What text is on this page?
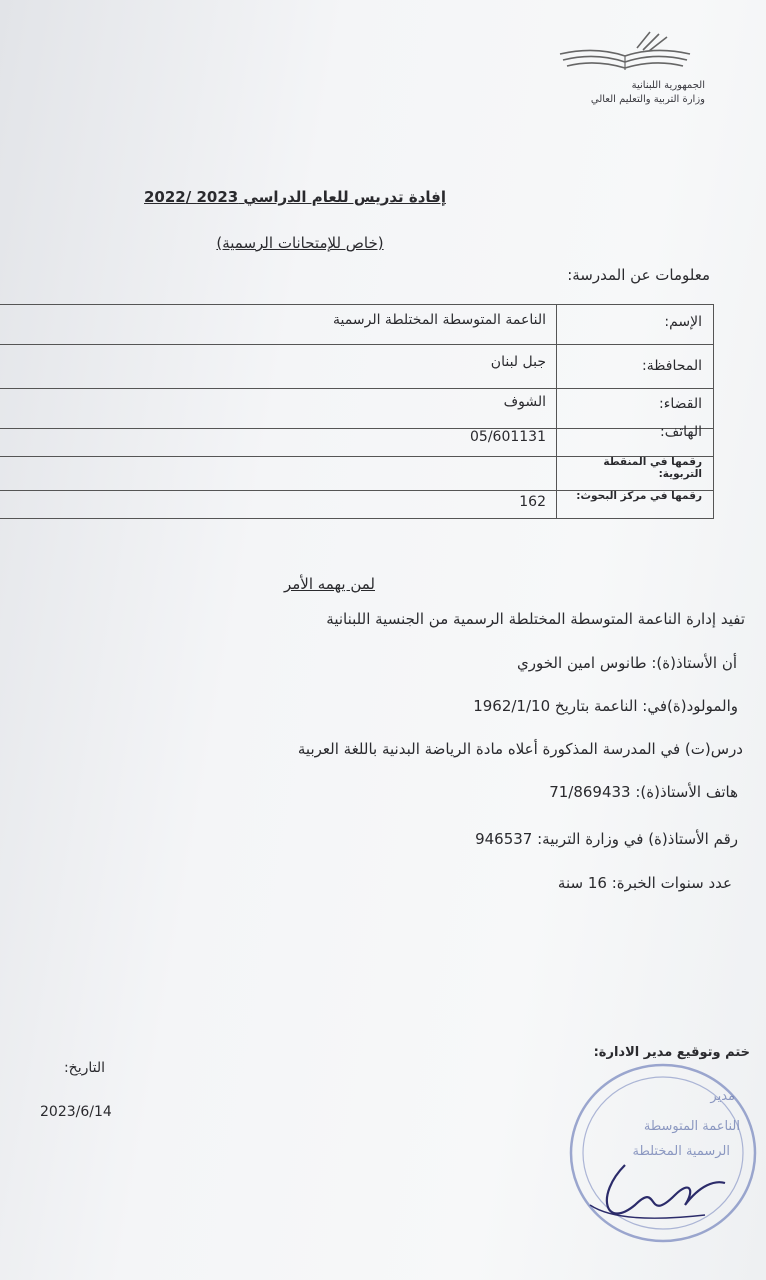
الجمهورية اللبنانية
وزارة التربية والتعليم العالي
إفادة تدريس للعام الدراسي 2023 /2022
(خاص للإمتحانات الرسمية)
معلومات عن المدرسة:
الإسم:
الناعمة المتوسطة المختلطة الرسمية
المحافظة:
جبل لبنان
القضاء:
الشوف
الهاتف:
05/601131
رقمها في المنقطة التربوية:
رقمها في مركز البحوث:
162
لمن يهمه الأمر
تفيد إدارة الناعمة المتوسطة المختلطة الرسمية من الجنسية اللبنانية
أن الأستاذ(ة): طانوس امين الخوري
والمولود(ة)في: الناعمة بتاريخ 1962/1/10
درس(ت) في المدرسة المذكورة أعلاه مادة الرياضة البدنية باللغة العربية
هاتف الأستاذ(ة): 71/869433
رقم الأستاذ(ة) في وزارة التربية: 946537
عدد سنوات الخبرة: 16 سنة
ختم وتوقيع مدير الادارة:
التاريخ:
2023/6/14
مدير
الناعمة المتوسطة
الرسمية المختلطة
